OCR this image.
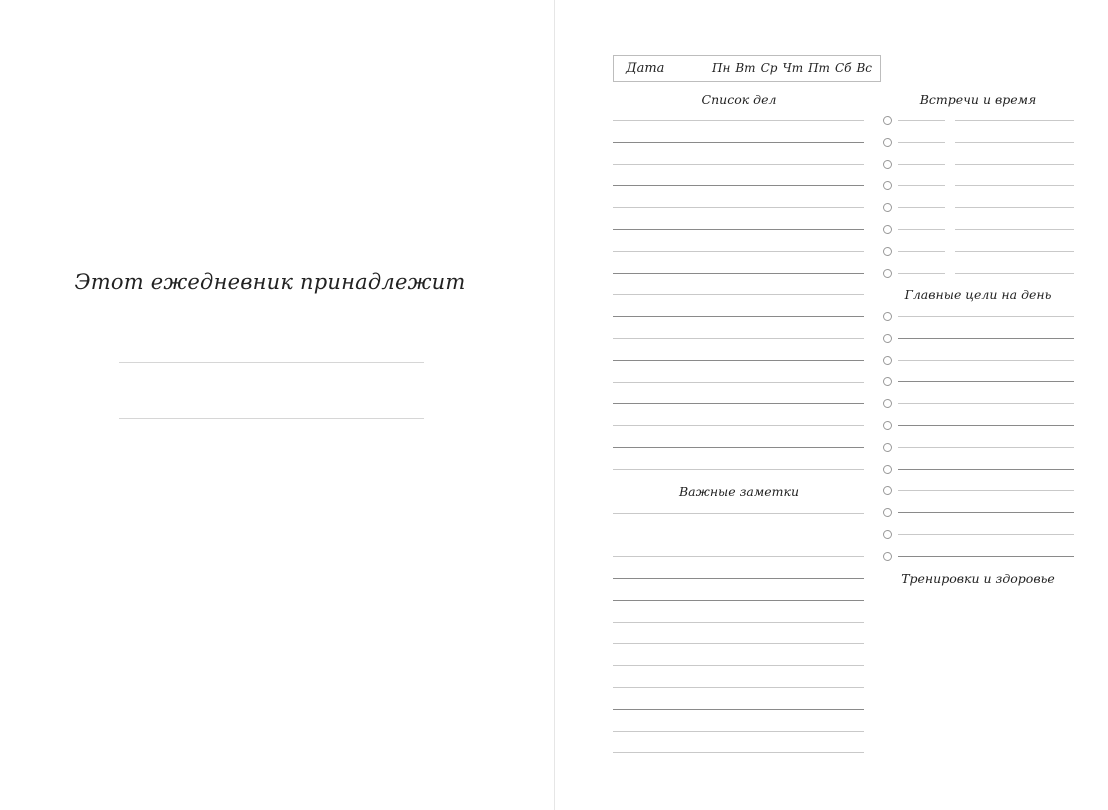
Этот ежедневник принадлежит
Дата	Пн Вт Ср Чт Пт Сб Вс
Список дел	Встречи и время
Главные цели на день
Важные заметки
Тренировки и здоровье
